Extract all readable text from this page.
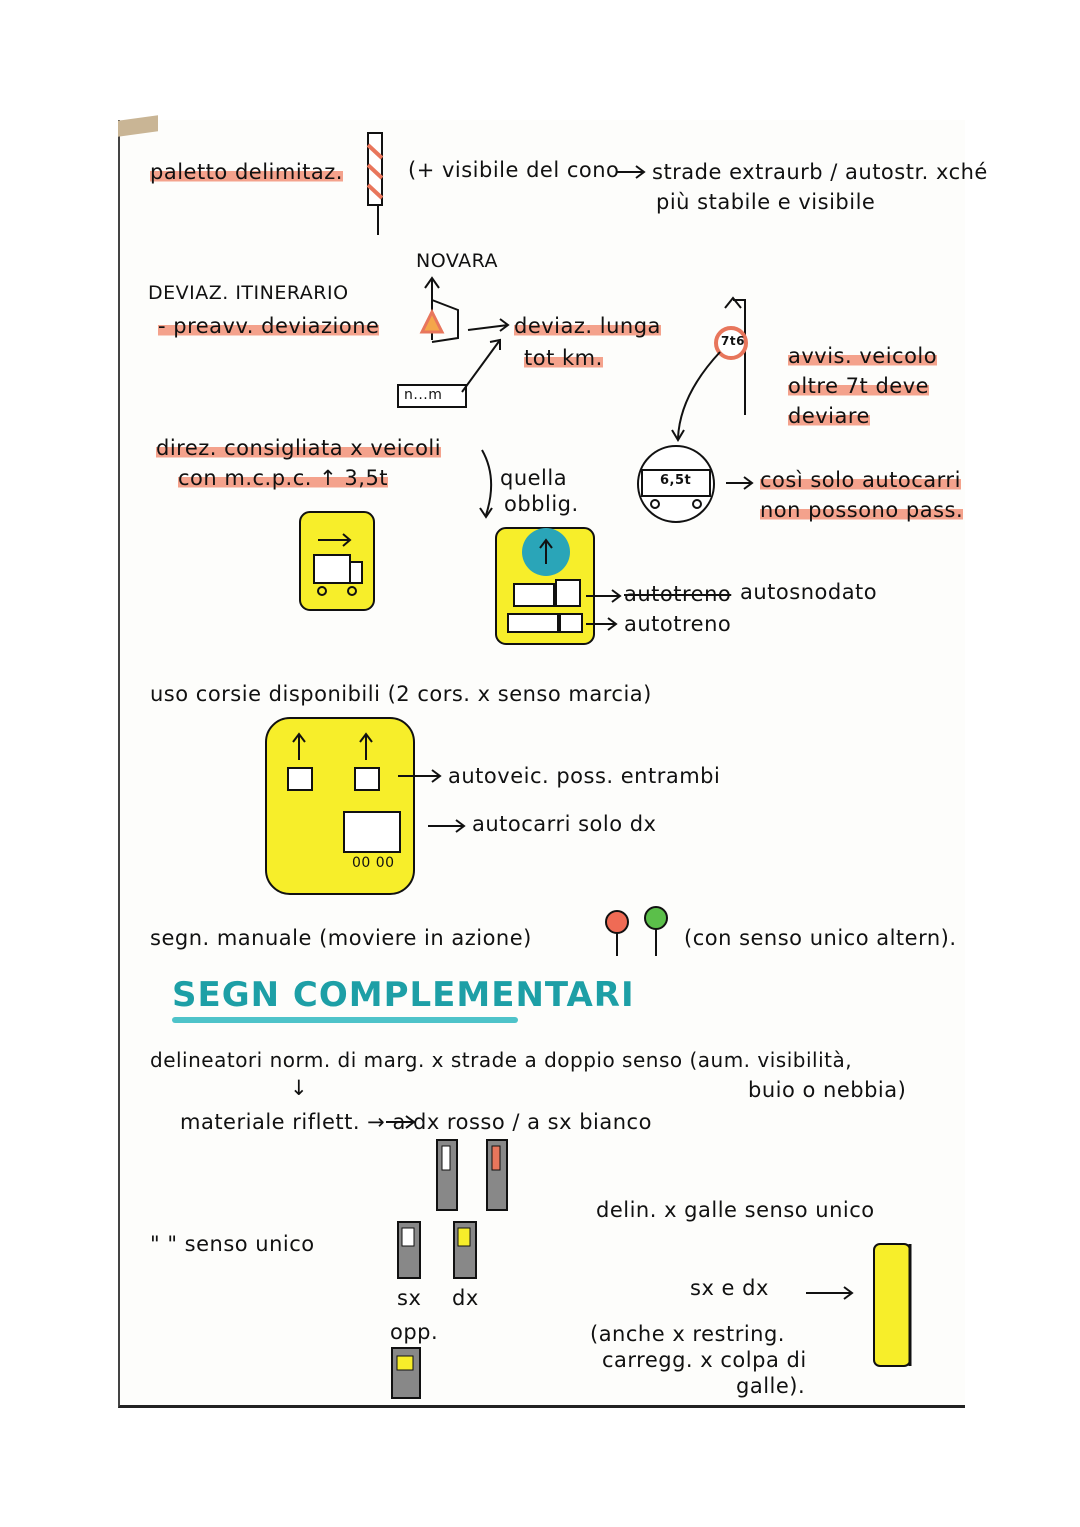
paletto delimitaz.	(+ visibile del cono strade extraurb / autostr. xché
più stabile e visibile
NOVARA
DEVIAZ. ITINERARIO
- preavv. deviazione
n...m
deviaz. lunga
tot km.
7t6
avvis. veicolo
oltre 7t deve
deviare
direz. consigliata x veicoli
con m.c.p.c. ↑ 3,5t	quella
obblig.
6,5t	così solo autocarri
non possono pass.
autotreno autosnodato
autotreno
uso corsie disponibili (2 cors. x senso marcia)
autoveic. poss. entrambi
autocarri solo dx
00 00
segn. manuale (moviere in azione)	(con senso unico altern).
SEGN COMPLEMENTARI
delineatori norm. di marg. x strade a doppio senso (aum. visibilità,
buio o nebbia)
↓
materiale riflett. → a dx rosso / a sx bianco
" " senso unico
sx dx
opp.
delin. x galle senso unico
sx e dx
(anche x restring.
carregg. x colpa di
galle).
